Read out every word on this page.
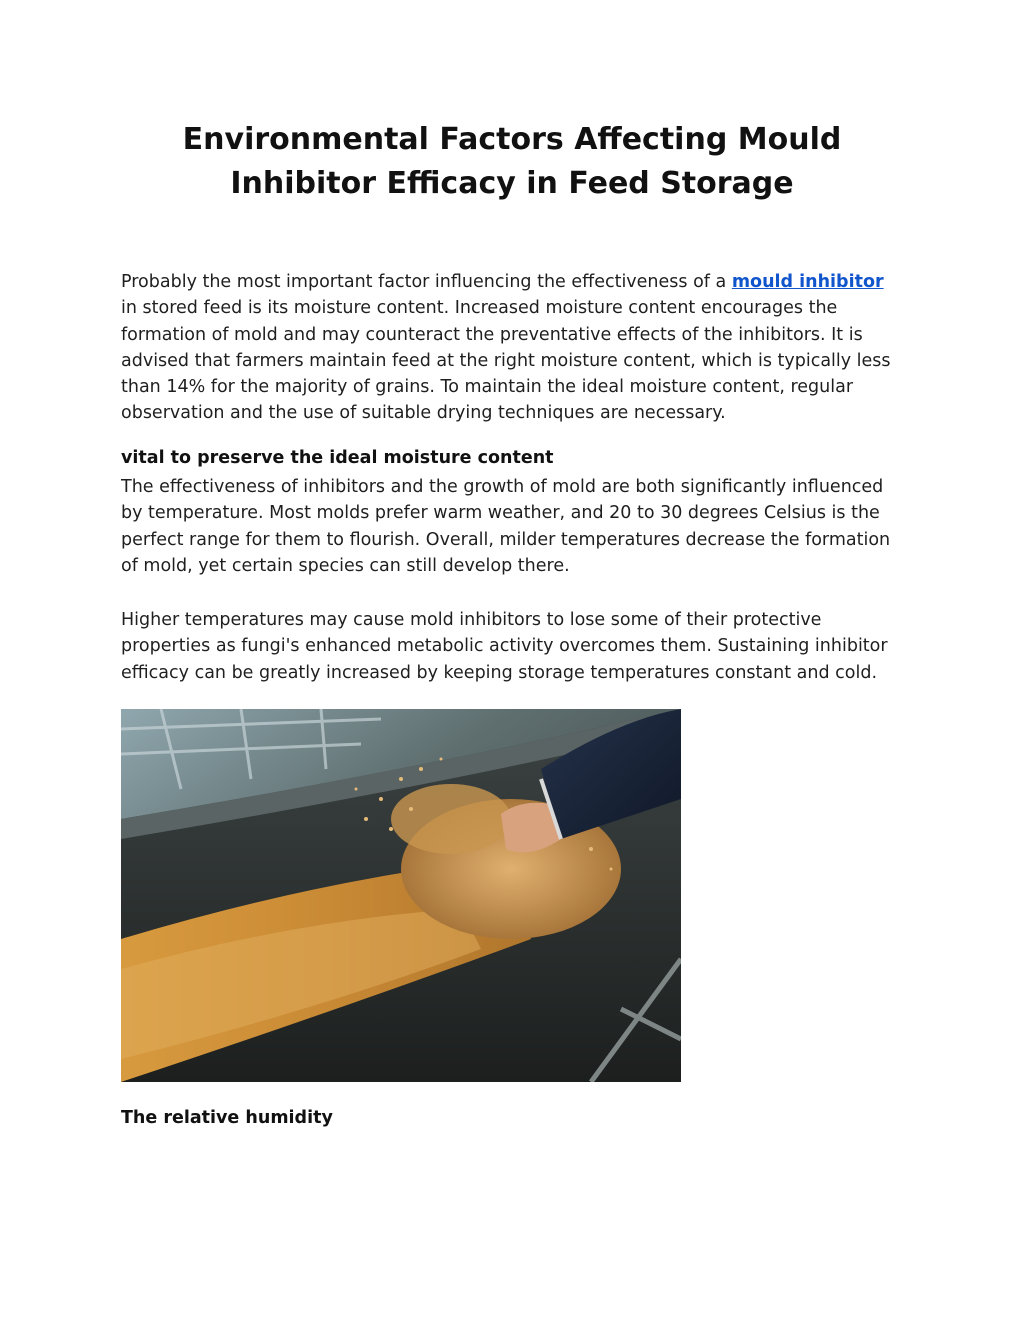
Environmental Factors Affecting Mould Inhibitor Efficacy in Feed Storage

Probably the most important factor influencing the effectiveness of a mould inhibitor in stored feed is its moisture content. Increased moisture content encourages the formation of mold and may counteract the preventative effects of the inhibitors. It is advised that farmers maintain feed at the right moisture content, which is typically less than 14% for the majority of grains. To maintain the ideal moisture content, regular observation and the use of suitable drying techniques are necessary.

vital to preserve the ideal moisture content

The effectiveness of inhibitors and the growth of mold are both significantly influenced by temperature. Most molds prefer warm weather, and 20 to 30 degrees Celsius is the perfect range for them to flourish. Overall, milder temperatures decrease the formation of mold, yet certain species can still develop there.

Higher temperatures may cause mold inhibitors to lose some of their protective properties as fungi's enhanced metabolic activity overcomes them. Sustaining inhibitor efficacy can be greatly increased by keeping storage temperatures constant and cold.

The relative humidity
